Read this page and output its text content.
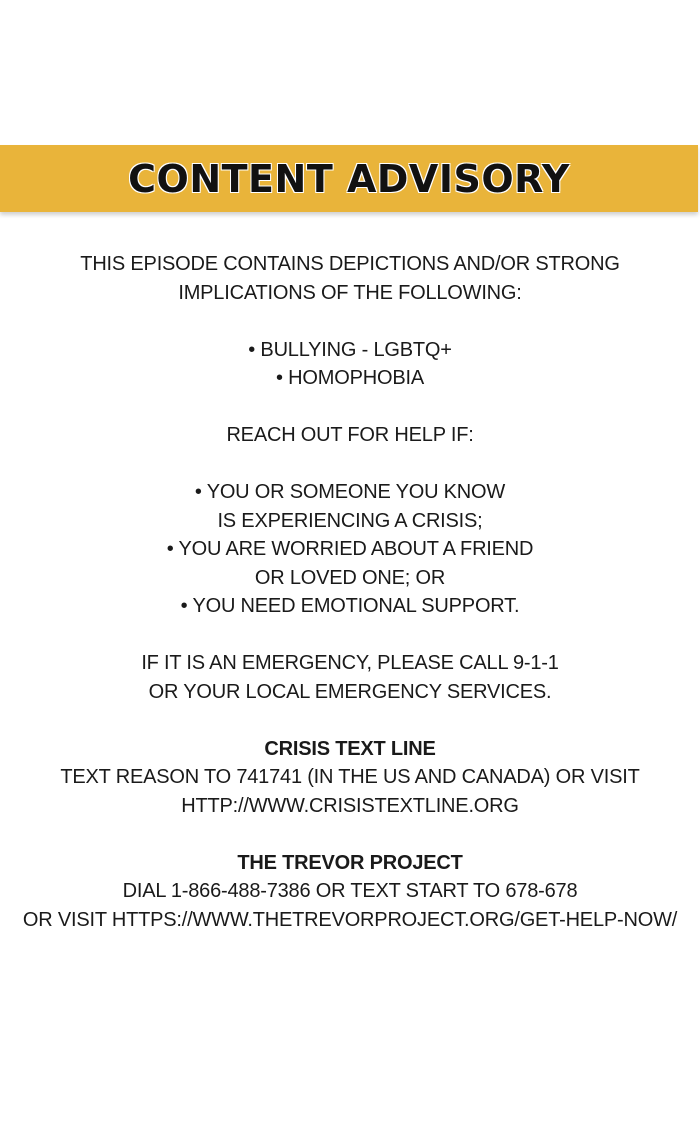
CONTENT ADVISORY
THIS EPISODE CONTAINS DEPICTIONS AND/OR STRONG
IMPLICATIONS OF THE FOLLOWING:
• BULLYING - LGBTQ+
• HOMOPHOBIA
REACH OUT FOR HELP IF:
• YOU OR SOMEONE YOU KNOW
IS EXPERIENCING A CRISIS;
• YOU ARE WORRIED ABOUT A FRIEND
OR LOVED ONE; OR
• YOU NEED EMOTIONAL SUPPORT.
IF IT IS AN EMERGENCY, PLEASE CALL 9-1-1
OR YOUR LOCAL EMERGENCY SERVICES.
CRISIS TEXT LINE
TEXT REASON TO 741741 (IN THE US AND CANADA) OR VISIT
HTTP://WWW.CRISISTEXTLINE.ORG
THE TREVOR PROJECT
DIAL 1-866-488-7386 OR TEXT START TO 678-678
OR VISIT HTTPS://WWW.THETREVORPROJECT.ORG/GET-HELP-NOW/
